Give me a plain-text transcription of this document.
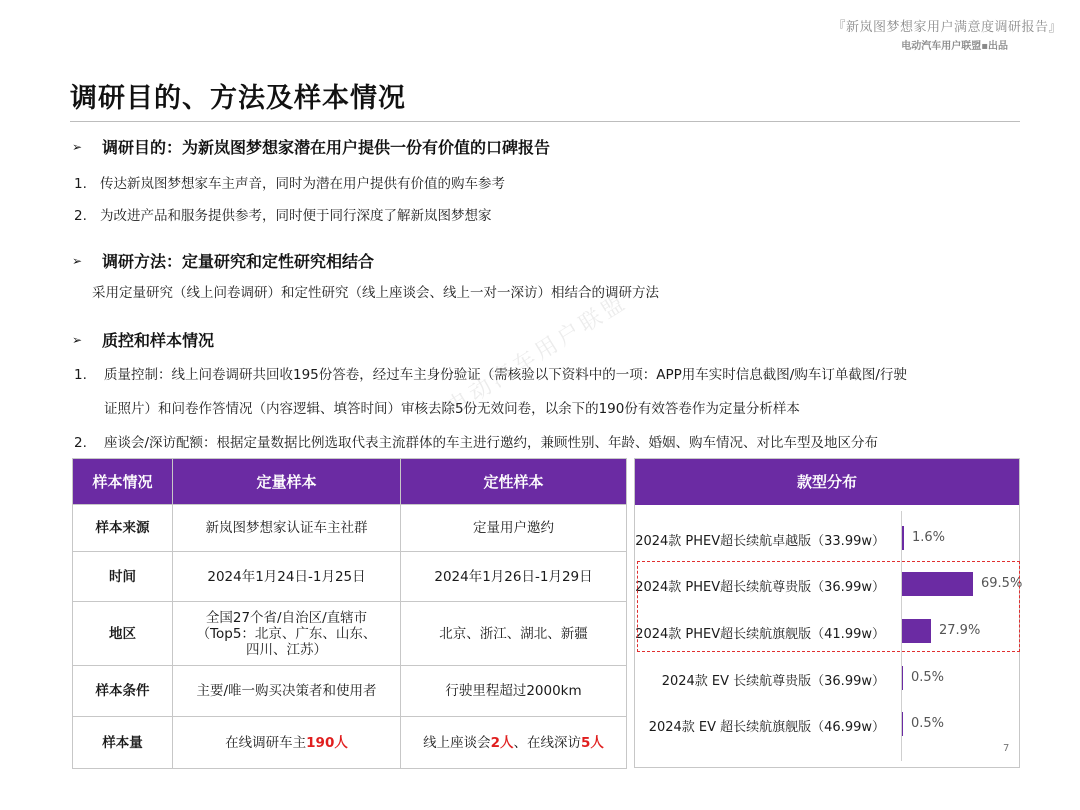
『新岚图梦想家用户满意度调研报告』
电动汽车用户联盟▪出品
调研目的、方法及样本情况
➢ 调研目的：为新岚图梦想家潜在用户提供一份有价值的口碑报告
1. 传达新岚图梦想家车主声音，同时为潜在用户提供有价值的购车参考
2. 为改进产品和服务提供参考，同时便于同行深度了解新岚图梦想家
➢ 调研方法：定量研究和定性研究相结合
采用定量研究（线上问卷调研）和定性研究（线上座谈会、线上一对一深访）相结合的调研方法
➢ 质控和样本情况
1. 质量控制：线上问卷调研共回收195份答卷，经过车主身份验证（需核验以下资料中的一项：APP用车实时信息截图/购车订单截图/行驶
证照片）和问卷作答情况（内容逻辑、填答时间）审核去除5份无效问卷，以余下的190份有效答卷作为定量分析样本
2. 座谈会/深访配额：根据定量数据比例选取代表主流群体的车主进行邀约，兼顾性别、年龄、婚姻、购车情况、对比车型及地区分布
电动汽车用户联盟
样本情况	定量样本	定性样本
样本来源	新岚图梦想家认证车主社群	定量用户邀约
时间	2024年1月24日-1月25日	2024年1月26日-1月29日
地区	全国27个省/自治区/直辖市
（Top5：北京、广东、山东、
四川、江苏）	北京、浙江、湖北、新疆
样本条件	主要/唯一购买决策者和使用者	行驶里程超过2000km
样本量	在线调研车主190人	线上座谈会2人、在线深访5人
款型分布
2024款 PHEV超长续航卓越版（33.99w） 1.6%
2024款 PHEV超长续航尊贵版（36.99w）	69.5%
2024款 PHEV超长续航旗舰版（41.99w）	27.9%
2024款 EV 长续航尊贵版（36.99w） 0.5%
2024款 EV 超长续航旗舰版（46.99w） 0.5%
7
